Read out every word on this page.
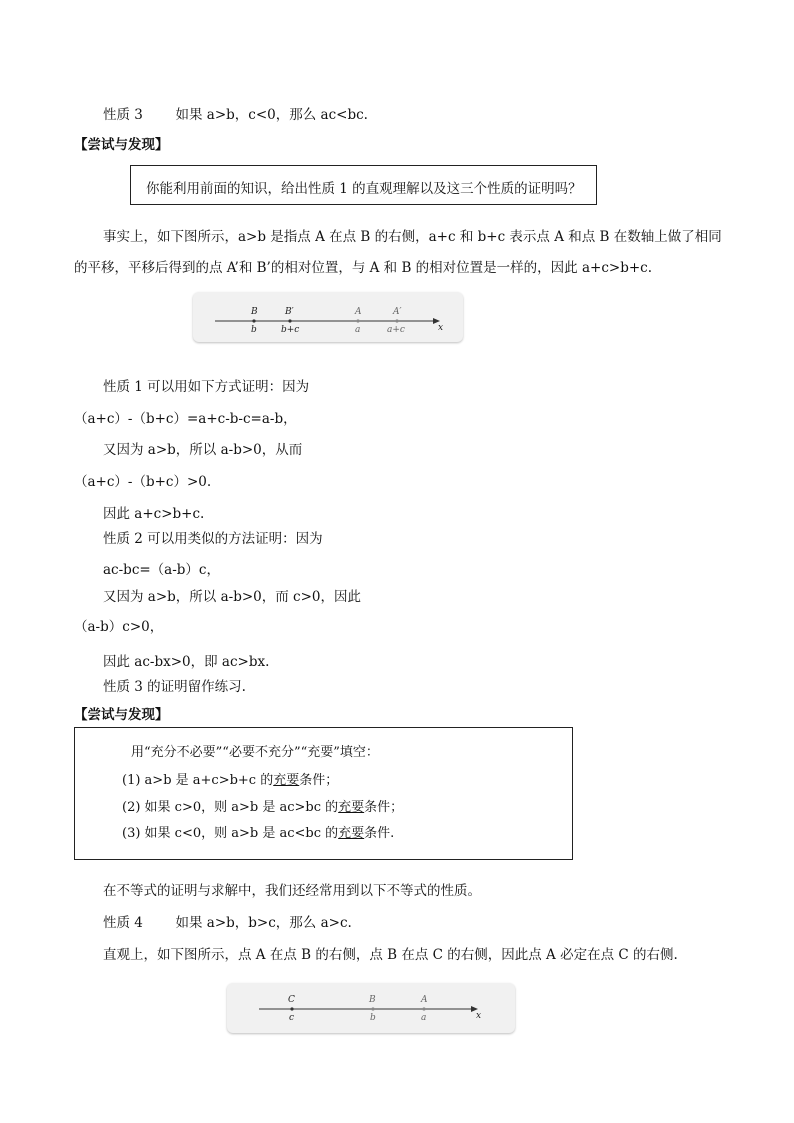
性质 3 如果 a>b，c<0，那么 ac<bc.
【尝试与发现】
你能利用前面的知识，给出性质 1 的直观理解以及这三个性质的证明吗？
事实上，如下图所示，a>b 是指点 A 在点 B 的右侧，a+c 和 b+c 表示点 A 和点 B 在数轴上做了相同
的平移，平移后得到的点 A’和 B’的相对位置，与 A 和 B 的相对位置是一样的，因此 a+c>b+c.
x
B
b
B′
b+c
A
a
A′
a+c
性质 1 可以用如下方式证明：因为
（a+c）-（b+c）=a+c-b-c=a-b，
又因为 a>b，所以 a-b>0，从而
（a+c）-（b+c）>0.
因此 a+c>b+c.
性质 2 可以用类似的方法证明：因为
ac-bc=（a-b）c，
又因为 a>b，所以 a-b>0，而 c>0，因此
（a-b）c>0，
因此 ac-bx>0，即 ac>bx.
性质 3 的证明留作练习.
【尝试与发现】
用“充分不必要”“必要不充分”“充要”填空：
(1) a>b 是 a+c>b+c 的充要条件；
(2) 如果 c>0，则 a>b 是 ac>bc 的充要条件；
(3) 如果 c<0，则 a>b 是 ac<bc 的充要条件.
在不等式的证明与求解中，我们还经常用到以下不等式的性质。
性质 4 如果 a>b，b>c，那么 a>c.
直观上，如下图所示，点 A 在点 B 的右侧，点 B 在点 C 的右侧，因此点 A 必定在点 C 的右侧.
x
C
c
B
b
A
a
